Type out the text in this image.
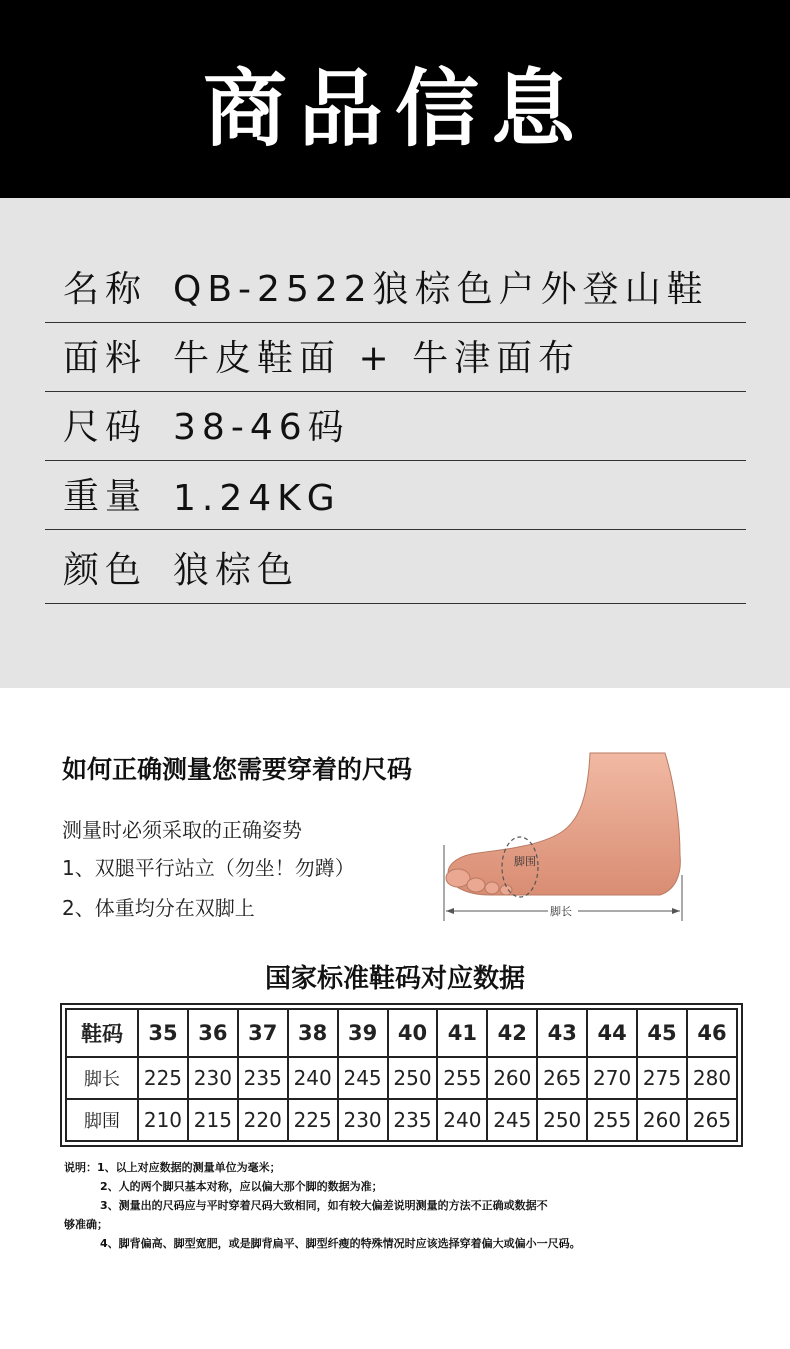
商品信息
名称 QB-2522狼棕色户外登山鞋
面料 牛皮鞋面 + 牛津面布
尺码 38-46码
重量 1.24KG
颜色 狼棕色
如何正确测量您需要穿着的尺码
测量时必须采取的正确姿势
1、双腿平行站立（勿坐！勿蹲）
2、体重均分在双脚上
脚围
脚长
国家标准鞋码对应数据
鞋码	35	36	37	38	39	40	41	42	43	44	45	46
脚长	225	230	235	240	245	250	255	260	265	270	275	280
脚围	210	215	220	225	230	235	240	245	250	255	260	265
说明：1、以上对应数据的测量单位为毫米；
2、人的两个脚只基本对称，应以偏大那个脚的数据为准；
3、测量出的尺码应与平时穿着尺码大致相同，如有较大偏差说明测量的方法不正确或数据不
够准确；
4、脚背偏高、脚型宽肥，或是脚背扁平、脚型纤瘦的特殊情况时应该选择穿着偏大或偏小一尺码。
